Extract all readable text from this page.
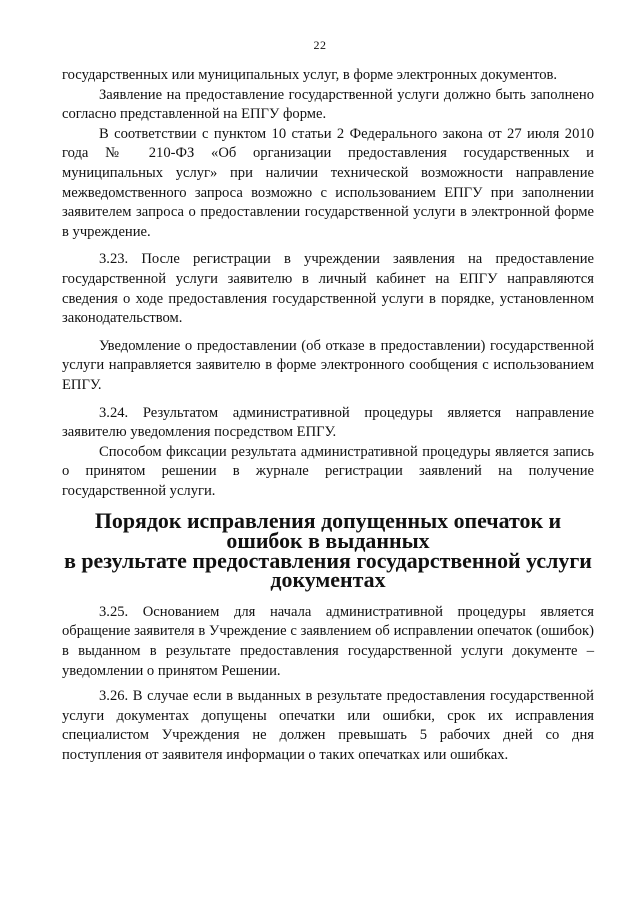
22

государственных или муниципальных услуг, в форме электронных документов.

Заявление на предоставление государственной услуги должно быть заполнено согласно представленной на ЕПГУ форме.

В соответствии с пунктом 10 статьи 2 Федерального закона от 27 июля 2010 года № 210-ФЗ «Об организации предоставления государственных и муниципальных услуг» при наличии технической возможности направление межведомственного запроса возможно с использованием ЕПГУ при заполнении заявителем запроса о предоставлении государственной услуги в электронной форме в учреждение.

3.23. После регистрации в учреждении заявления на предоставление государственной услуги заявителю в личный кабинет на ЕПГУ направляются сведения о ходе предоставления государственной услуги в порядке, установленном законодательством.

Уведомление о предоставлении (об отказе в предоставлении) государственной услуги направляется заявителю в форме электронного сообщения с использованием ЕПГУ.

3.24. Результатом административной процедуры является направление заявителю уведомления посредством ЕПГУ.

Способом фиксации результата административной процедуры является запись о принятом решении в журнале регистрации заявлений на получение государственной услуги.

Порядок исправления допущенных опечаток и ошибок в выданных
в результате предоставления государственной услуги документах

3.25. Основанием для начала административной процедуры является обращение заявителя в Учреждение с заявлением об исправлении опечаток (ошибок) в выданном в результате предоставления государственной услуги документе – уведомлении о принятом Решении.

3.26. В случае если в выданных в результате предоставления государственной услуги документах допущены опечатки или ошибки, срок их исправления специалистом Учреждения не должен превышать 5 рабочих дней со дня поступления от заявителя информации о таких опечатках или ошибках.
